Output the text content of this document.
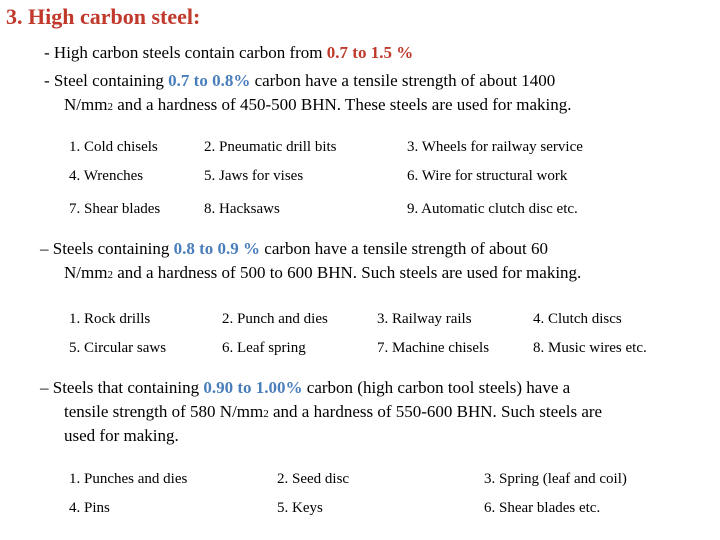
3. High carbon steel:
- High carbon steels contain carbon from 0.7 to 1.5 %
- Steel containing 0.7 to 0.8% carbon have a tensile strength of about 1400
N/mm2 and a hardness of 450-500 BHN. These steels are used for making.
1. Cold chisels	2. Pneumatic drill bits	3. Wheels for railway service
4. Wrenches	5. Jaws for vises	6. Wire for structural work
7. Shear blades	8. Hacksaws	9. Automatic clutch disc etc.
– Steels containing 0.8 to 0.9 % carbon have a tensile strength of about 60
N/mm2 and a hardness of 500 to 600 BHN. Such steels are used for making.
1. Rock drills	2. Punch and dies	3. Railway rails	4. Clutch discs
5. Circular saws	6. Leaf spring	7. Machine chisels	8. Music wires etc.
– Steels that containing 0.90 to 1.00% carbon (high carbon tool steels) have a
tensile strength of 580 N/mm2 and a hardness of 550-600 BHN. Such steels are
used for making.
1. Punches and dies	2. Seed disc	3. Spring (leaf and coil)
4. Pins	5. Keys	6. Shear blades etc.
